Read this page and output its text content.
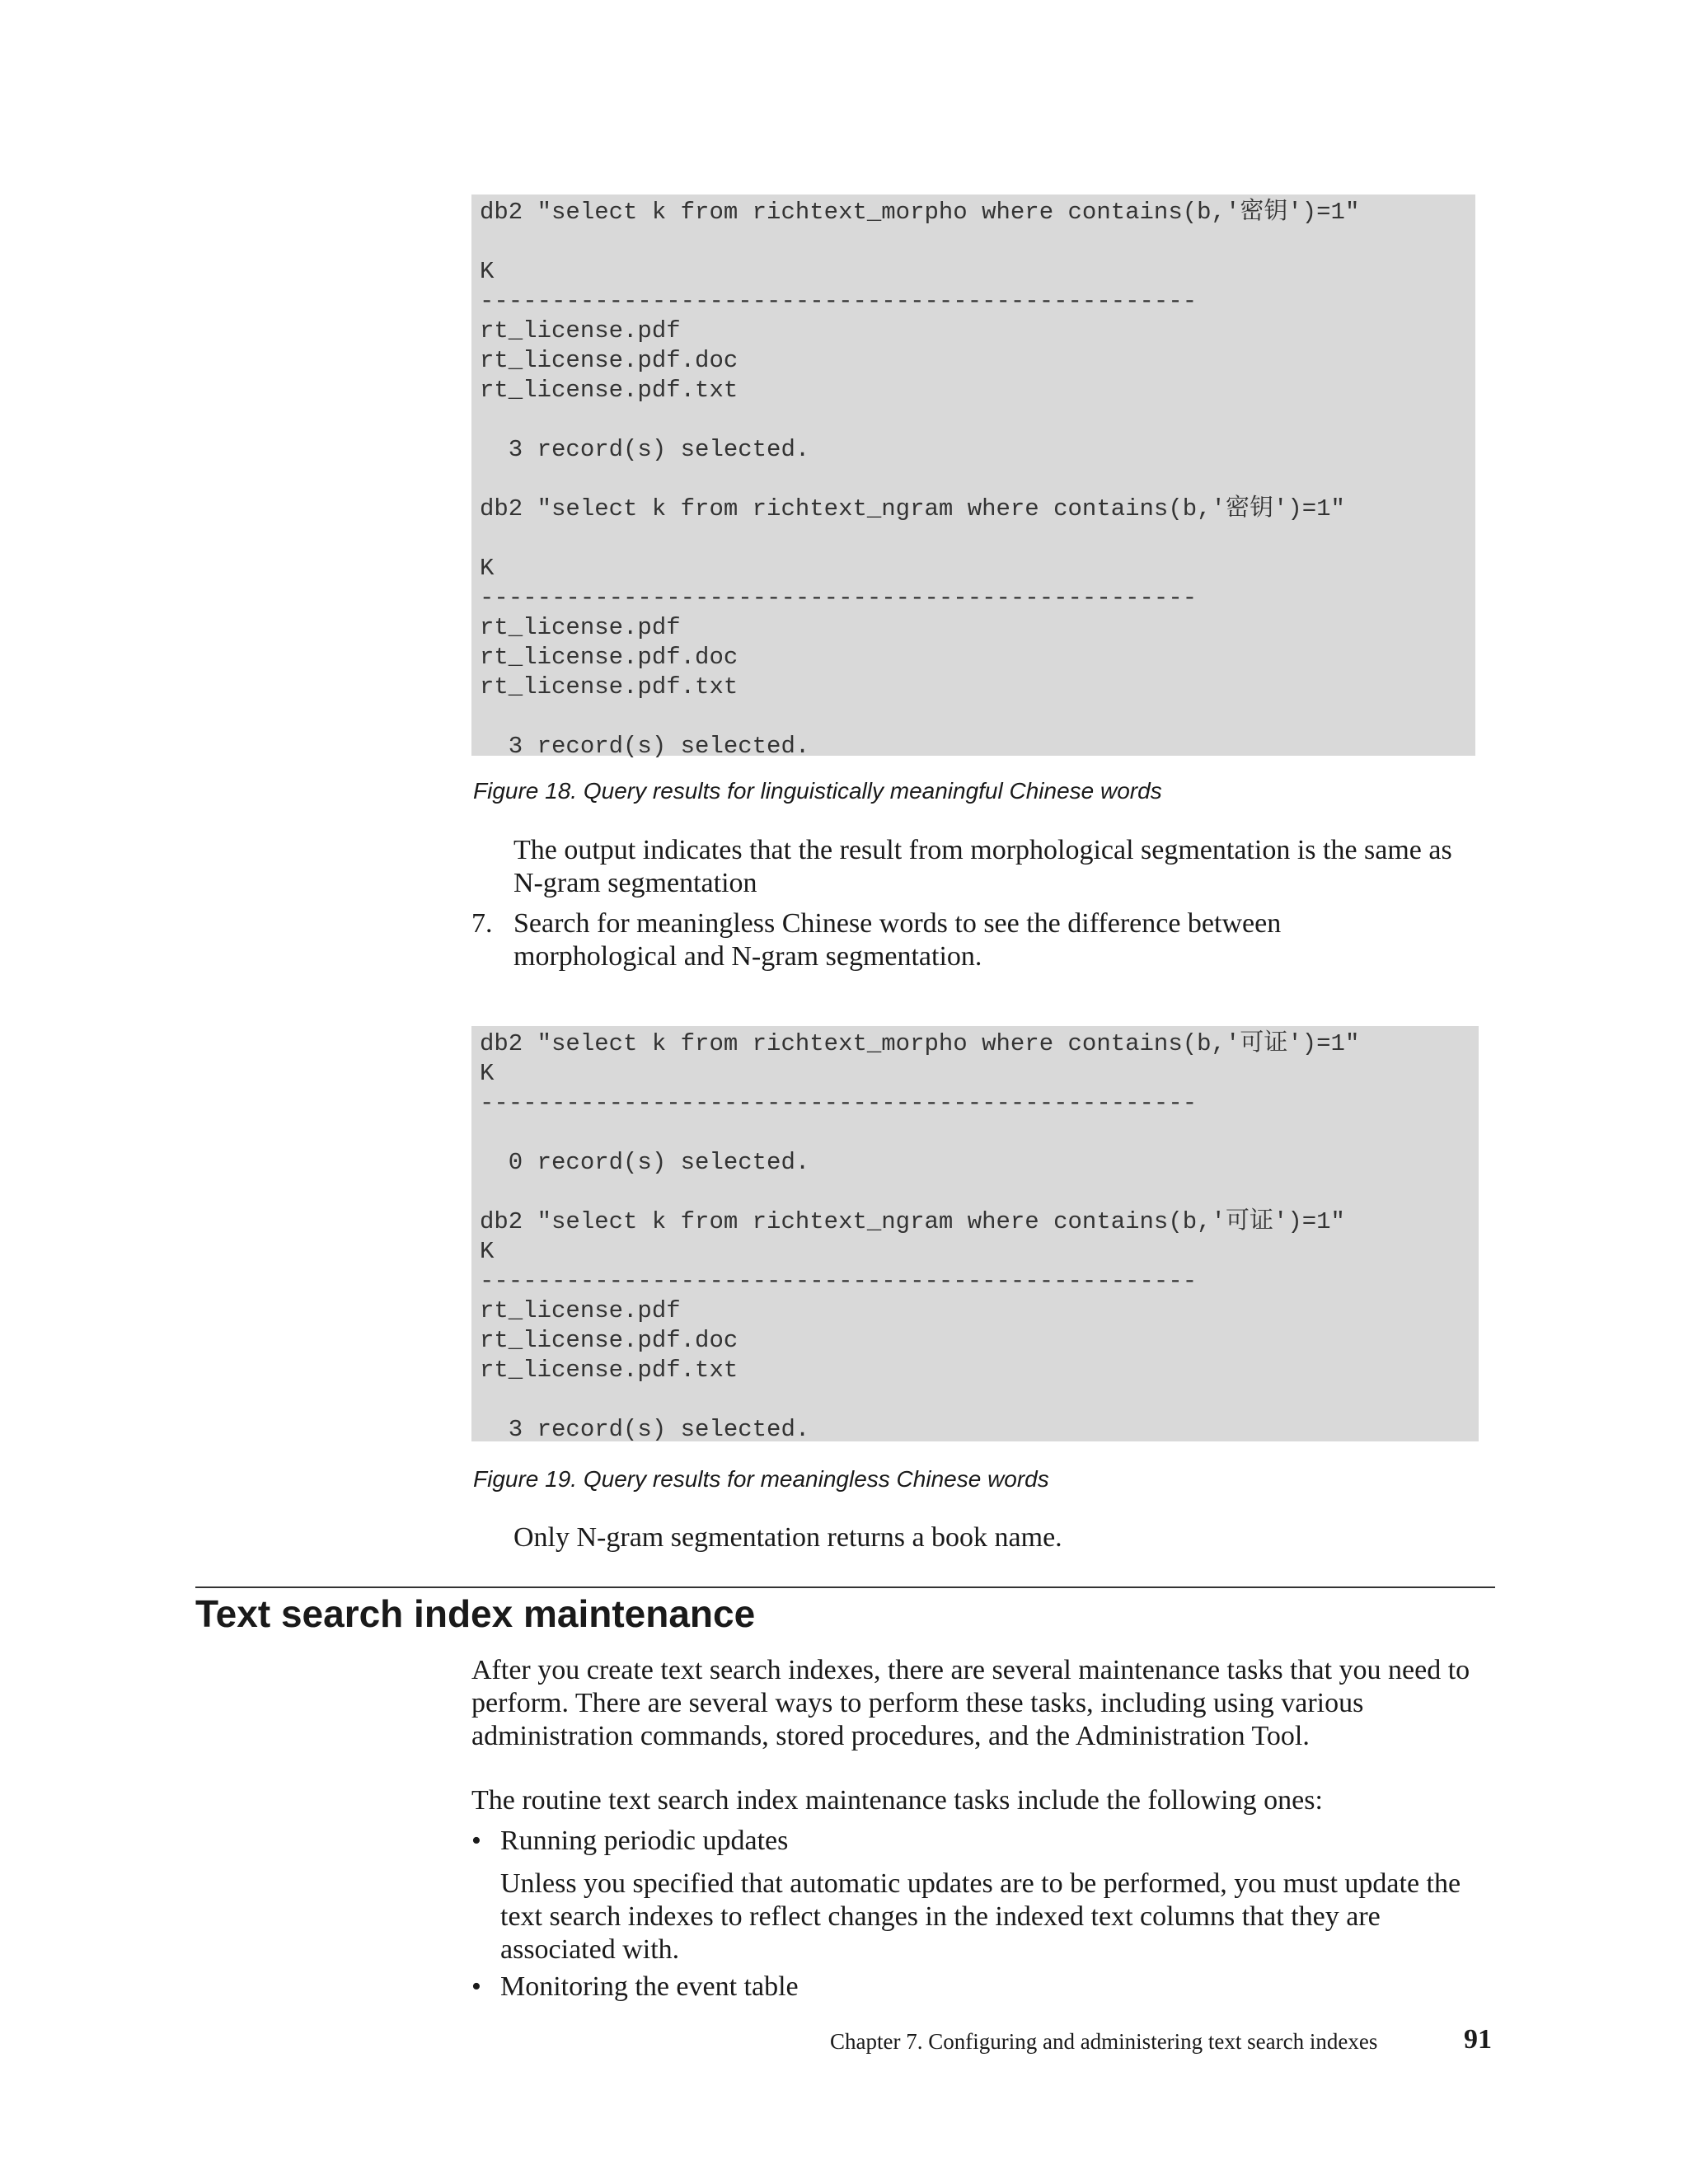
db2 "select k from richtext_morpho where contains(b,'密钥')=1"
K
--------------------------------------------------
rt_license.pdf
rt_license.pdf.doc
rt_license.pdf.txt
3 record(s) selected.
db2 "select k from richtext_ngram where contains(b,'密钥')=1"
K
--------------------------------------------------
rt_license.pdf
rt_license.pdf.doc
rt_license.pdf.txt
3 record(s) selected.
Figure 18. Query results for linguistically meaningful Chinese words
The output indicates that the result from morphological segmentation is the same as N-gram segmentation
7. Search for meaningless Chinese words to see the difference between morphological and N-gram segmentation.
db2 "select k from richtext_morpho where contains(b,'可证')=1"
K
--------------------------------------------------
0 record(s) selected.
db2 "select k from richtext_ngram where contains(b,'可证')=1"
K
--------------------------------------------------
rt_license.pdf
rt_license.pdf.doc
rt_license.pdf.txt
3 record(s) selected.
Figure 19. Query results for meaningless Chinese words
Only N-gram segmentation returns a book name.
Text search index maintenance
After you create text search indexes, there are several maintenance tasks that you need to perform. There are several ways to perform these tasks, including using various administration commands, stored procedures, and the Administration Tool.
The routine text search index maintenance tasks include the following ones:
• Running periodic updates
Unless you specified that automatic updates are to be performed, you must update the text search indexes to reflect changes in the indexed text columns that they are associated with.
• Monitoring the event table
Chapter 7. Configuring and administering text search indexes	91
